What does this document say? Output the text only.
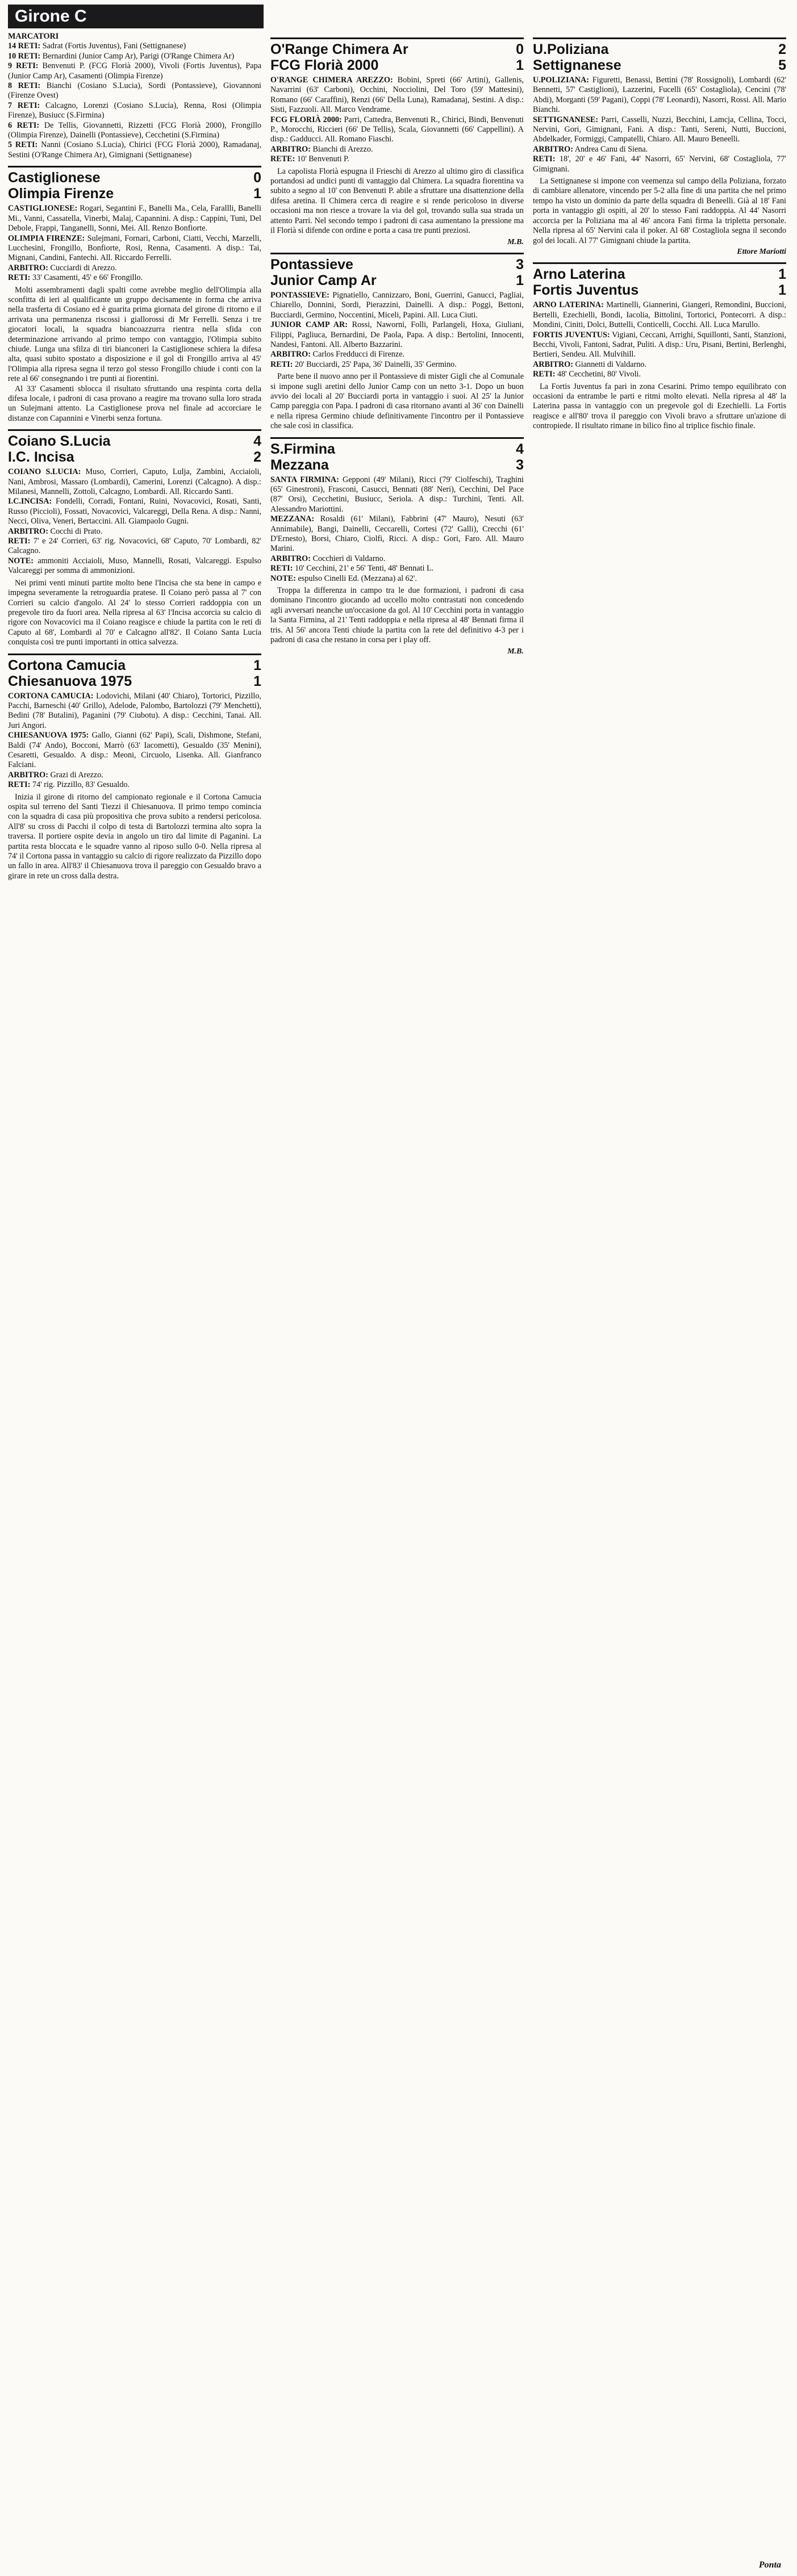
Girone C

MARCATORI

14 RETI: Sadrat (Fortis Juventus), Fani (Settignanese)

10 RETI: Bernardini (Junior Camp Ar), Parigi (O'Range Chimera Ar)

9 RETI: Benvenuti P. (FCG Florià 2000), Vivoli (Fortis Juventus), Papa (Junior Camp Ar), Casamenti (Olimpia Firenze)

8 RETI: Bianchi (Cosiano S.Lucia), Sordi (Pontassieve), Giovannoni (Firenze Ovest)

7 RETI: Calcagno, Lorenzi (Cosiano S.Lucia), Renna, Rosi (Olimpia Firenze), Busiucc (S.Firmina)

6 RETI: De Tellis, Giovannetti, Rizzetti (FCG Florià 2000), Frongillo (Olimpia Firenze), Dainelli (Pontassieve), Cecchetini (S.Firmina)

5 RETI: Nanni (Cosiano S.Lucia), Chirici (FCG Florià 2000), Ramadanaj, Sestini (O'Range Chimera Ar), Gimignani (Settignanese)

Castiglionese	0
Olimpia Firenze	1
CASTIGLIONESE: Rogari, Segantini F., Banelli Ma., Cela, Farallli, Banelli Mi., Vanni, Cassatella, Vinerbi, Malaj, Capannini. A disp.: Cappini, Tuni, Del Debole, Frappi, Tanganelli, Sonni, Mei. All. Renzo Bonfiorte.
OLIMPIA FIRENZE: Sulejmani, Fornari, Carboni, Ciatti, Vecchi, Marzelli, Lucchesini, Frongillo, Bonfiorte, Rosi, Renna, Casamenti. A disp.: Tai, Mignani, Candini, Fantechi. All. Riccardo Ferrelli.
ARBITRO: Cucciardi di Arezzo.
RETI: 33' Casamenti, 45' e 66' Frongillo.

Molti assembramenti dagli spalti come avrebbe meglio dell'Olimpia alla sconfitta di ieri al qualificante un gruppo decisamente in forma che arriva nella trasferta di Cosiano ed è guarita prima giornata del girone di ritorno e il arrivata una permanenza riscossi i giallorossi di Mr Ferrelli. Senza i tre giocatori locali, la squadra biancoazzurra rientra nella sfida con determinazione arrivando al primo tempo con vantaggio, l'Olimpia subito chiude. Lunga una sfilza di tiri bianconeri la Castiglionese schiera la difesa alta, quasi subito spostato a disposizione e il gol di Frongillo arriva al 45' l'Olimpia alla ripresa segna il terzo gol stesso Frongillo chiude i conti con la rete al 66' consegnando i tre punti ai fiorentini.

Al 33' Casamenti sblocca il risultato sfruttando una respinta corta della difesa locale, i padroni di casa provano a reagire ma trovano sulla loro strada un Sulejmani attento. La Castiglionese prova nel finale ad accorciare le distanze con Capannini e Vinerbi senza fortuna.

Coiano S.Lucia	4
I.C. Incisa	2
COIANO S.LUCIA: Muso, Corrieri, Caputo, Lulja, Zambini, Acciaioli, Nani, Ambrosi, Massaro (Lombardi), Camerini, Lorenzi (Calcagno). A disp.: Milanesi, Mannelli, Zottoli, Calcagno, Lombardi. All. Riccardo Santi.
I.C.INCISA: Fondelli, Corradi, Fontani, Ruini, Novacovici, Rosati, Santi, Russo (Piccioli), Fossati, Novacovici, Valcareggi, Della Rena. A disp.: Nanni, Necci, Oliva, Veneri, Bertaccini. All. Giampaolo Gugni.
ARBITRO: Cocchi di Prato.
RETI: 7' e 24' Corrieri, 63' rig. Novacovici, 68' Caputo, 70' Lombardi, 82' Calcagno.
NOTE: ammoniti Acciaioli, Muso, Mannelli, Rosati, Valcareggi. Espulso Valcareggi per somma di ammonizioni.

Nei primi venti minuti partite molto bene l'Incisa che sta bene in campo e impegna severamente la retroguardia pratese. Il Coiano però passa al 7' con Corrieri su calcio d'angolo. Al 24' lo stesso Corrieri raddoppia con un pregevole tiro da fuori area. Nella ripresa al 63' l'Incisa accorcia su calcio di rigore con Novacovici ma il Coiano reagisce e chiude la partita con le reti di Caputo al 68', Lombardi al 70' e Calcagno all'82'. Il Coiano Santa Lucia conquista così tre punti importanti in ottica salvezza.

Cortona Camucia	1
Chiesanuova 1975	1
CORTONA CAMUCIA: Lodovichi, Milani (40' Chiaro), Tortorici, Pizzillo, Pacchi, Barneschi (40' Grillo), Adelode, Palombo, Bartolozzi (79' Menchetti), Bedini (78' Butalini), Paganini (79' Ciubotu). A disp.: Cecchini, Tanai. All. Juri Angori.
CHIESANUOVA 1975: Gallo, Gianni (62' Papi), Scali, Dishmone, Stefani, Baldi (74' Ando), Bocconi, Marrò (63' Iacometti), Gesualdo (35' Menini), Cesaretti, Gesualdo. A disp.: Meoni, Circuolo, Lisenka. All. Gianfranco Falciani.
ARBITRO: Grazi di Arezzo.
RETI: 74' rig. Pizzillo, 83' Gesualdo.

Inizia il girone di ritorno del campionato regionale e il Cortona Camucia ospita sul terreno del Santi Tiezzi il Chiesanuova. Il primo tempo comincia con la squadra di casa più propositiva che prova subito a rendersi pericolosa. All'8' su cross di Pacchi il colpo di testa di Bartolozzi termina alto sopra la traversa. Il portiere ospite devia in angolo un tiro dal limite di Paganini. La partita resta bloccata e le squadre vanno al riposo sullo 0-0. Nella ripresa al 74' il Cortona passa in vantaggio su calcio di rigore realizzato da Pizzillo dopo un fallo in area. All'83' il Chiesanuova trova il pareggio con Gesualdo bravo a girare in rete un cross dalla destra.

O'Range Chimera Ar	0
FCG Florià 2000	1
O'RANGE CHIMERA AREZZO: Bobini, Spreti (66' Artini), Gallenis, Navarrini (63' Carboni), Occhini, Nocciolini, Del Toro (59' Mattesini), Romano (66' Caraffini), Renzi (66' Della Luna), Ramadanaj, Sestini. A disp.: Sisti, Fazzuoli. All. Marco Vendrame.
FCG FLORIÀ 2000: Parri, Cattedra, Benvenuti R., Chirici, Bindi, Benvenuti P., Morocchi, Riccieri (66' De Tellis), Scala, Giovannetti (66' Cappellini). A disp.: Gadducci. All. Romano Fiaschi.
ARBITRO: Bianchi di Arezzo.
RETE: 10' Benvenuti P.

La capolista Florià espugna il Frieschi di Arezzo al ultimo giro di classifica portandosi ad undici punti di vantaggio dal Chimera. La squadra fiorentina va subito a segno al 10' con Benvenuti P. abile a sfruttare una disattenzione della difesa aretina. Il Chimera cerca di reagire e si rende pericoloso in diverse occasioni ma non riesce a trovare la via del gol, trovando sulla sua strada un attento Parri. Nel secondo tempo i padroni di casa aumentano la pressione ma il Florià si difende con ordine e porta a casa tre punti preziosi.

M.B.
Pontassieve	3
Junior Camp Ar	1
PONTASSIEVE: Pignatiello, Cannizzaro, Boni, Guerrini, Ganucci, Pagliai, Chiarello, Donnini, Sordi, Pierazzini, Dainelli. A disp.: Poggi, Bettoni, Bucciardi, Germino, Noccentini, Miceli, Papini. All. Luca Ciuti.
JUNIOR CAMP AR: Rossi, Naworni, Folli, Parlangeli, Hoxa, Giuliani, Filippi, Pagliuca, Bernardini, De Paola, Papa. A disp.: Bertolini, Innocenti, Nandesi, Fantoni. All. Alberto Bazzarini.
ARBITRO: Carlos Fredducci di Firenze.
RETI: 20' Bucciardi, 25' Papa, 36' Dainelli, 35' Germino.

Parte bene il nuovo anno per il Pontassieve di mister Gigli che al Comunale si impone sugli aretini dello Junior Camp con un netto 3-1. Dopo un buon avvio dei locali al 20' Bucciardi porta in vantaggio i suoi. Al 25' la Junior Camp pareggia con Papa. I padroni di casa ritornano avanti al 36' con Dainelli e nella ripresa Germino chiude definitivamente l'incontro per il Pontassieve che sale così in classifica.

S.Firmina	4
Mezzana	3
SANTA FIRMINA: Gepponi (49' Milani), Ricci (79' Ciolfeschi), Traghini (65' Ginestroni), Frasconi, Casucci, Bennati (88' Neri), Cecchini, Del Pace (87' Orsi), Cecchetini, Busiucc, Seriola. A disp.: Turchini, Tenti. All. Alessandro Mariottini.
MEZZANA: Rosaldi (61' Milani), Fabbrini (47' Mauro), Nesuti (63' Annimabile), Bangi, Dainelli, Ceccarelli, Cortesi (72' Galli), Crecchi (61' D'Ernesto), Borsi, Chiaro, Ciolfi, Ricci. A disp.: Gori, Faro. All. Mauro Marini.
ARBITRO: Cocchieri di Valdarno.
RETI: 10' Cecchini, 21' e 56' Tenti, 48' Bennati L.
NOTE: espulso Cinelli Ed. (Mezzana) al 62'.

Troppa la differenza in campo tra le due formazioni, i padroni di casa dominano l'incontro giocando ad uccello molto contrastati non concedendo agli avversari neanche un'occasione da gol. Al 10' Cecchini porta in vantaggio la Santa Firmina, al 21' Tenti raddoppia e nella ripresa al 48' Bennati firma il tris. Al 56' ancora Tenti chiude la partita con la rete del definitivo 4-3 per i padroni di casa che restano in corsa per i play off.

M.B.
U.Poliziana	2
Settignanese	5
U.POLIZIANA: Figuretti, Benassi, Bettini (78' Rossignoli), Lombardi (62' Bennetti, 57' Castiglioni), Lazzerini, Fucelli (65' Costagliola), Cencini (78' Abdi), Morganti (59' Pagani), Coppi (78' Leonardi), Nasorri, Rossi. All. Mario Bianchi.
SETTIGNANESE: Parri, Casselli, Nuzzi, Becchini, Lamcja, Cellina, Tocci, Nervini, Gori, Gimignani, Fani. A disp.: Tanti, Sereni, Nutti, Buccioni, Abdelkader, Formiggi, Campatelli, Chiaro. All. Mauro Beneelli.
ARBITRO: Andrea Canu di Siena.
RETI: 18', 20' e 46' Fani, 44' Nasorri, 65' Nervini, 68' Costagliola, 77' Gimignani.

La Settignanese si impone con veemenza sul campo della Poliziana, forzato di cambiare allenatore, vincendo per 5-2 alla fine di una partita che nel primo tempo ha visto un dominio da parte della squadra di Beneelli. Già al 18' Fani porta in vantaggio gli ospiti, al 20' lo stesso Fani raddoppia. Al 44' Nasorri accorcia per la Poliziana ma al 46' ancora Fani firma la tripletta personale. Nella ripresa al 65' Nervini cala il poker. Al 68' Costagliola segna il secondo gol dei locali. Al 77' Gimignani chiude la partita.

Ettore Mariotti
Arno Laterina	1
Fortis Juventus	1
ARNO LATERINA: Martinelli, Giannerini, Giangeri, Remondini, Buccioni, Bertelli, Ezechielli, Bondi, Iacolia, Bittolini, Tortorici, Pontecorri. A disp.: Mondini, Ciniti, Dolci, Buttelli, Conticelli, Cocchi. All. Luca Marullo.
FORTIS JUVENTUS: Vigiani, Ceccani, Arrighi, Squillonti, Santi, Stanzioni, Becchi, Vivoli, Fantoni, Sadrat, Puliti. A disp.: Uru, Pisani, Bertini, Berlenghi, Bertieri, Sendeu. All. Mulvihill.
ARBITRO: Giannetti di Valdarno.
RETI: 48' Cecchetini, 80' Vivoli.

La Fortis Juventus fa pari in zona Cesarini. Primo tempo equilibrato con occasioni da entrambe le parti e ritmi molto elevati. Nella ripresa al 48' la Laterina passa in vantaggio con un pregevole gol di Ezechielli. La Fortis reagisce e all'80' trova il pareggio con Vivoli bravo a sfruttare un'azione di contropiede. Il risultato rimane in bilico fino al triplice fischio finale.

Ponta
